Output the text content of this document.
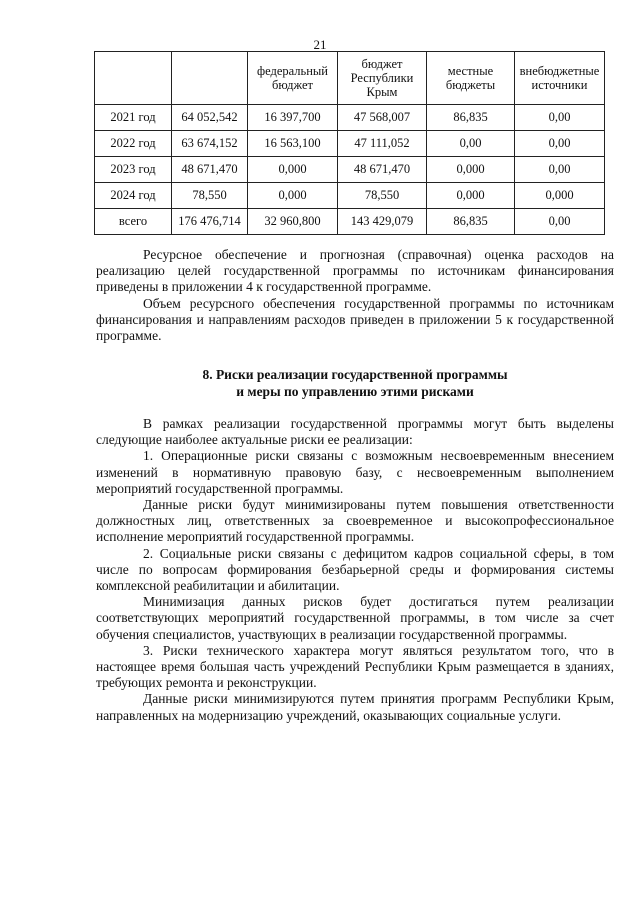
21

		федеральный бюджет	бюджет Республики Крым	местные бюджеты	внебюджетные источники

2021 год	64 052,542	16 397,700	47 568,007	86,835	0,00
2022 год	63 674,152	16 563,100	47 111,052	0,00	0,00
2023 год	48 671,470	0,000	48 671,470	0,000	0,00
2024 год	78,550	0,000	78,550	0,000	0,000
всего	176 476,714	32 960,800	143 429,079	86,835	0,00

Ресурсное обеспечение и прогнозная (справочная) оценка расходов на реализацию целей государственной программы по источникам финансирования приведены в приложении 4 к государственной программе.

Объем ресурсного обеспечения государственной программы по источникам финансирования и направлениям расходов приведен в приложении 5 к государственной программе.

8. Риски реализации государственной программы
и меры по управлению этими рисками

В рамках реализации государственной программы могут быть выделены следующие наиболее актуальные риски ее реализации:

1. Операционные риски связаны с возможным несвоевременным внесением изменений в нормативную правовую базу, с несвоевременным выполнением мероприятий государственной программы.

Данные риски будут минимизированы путем повышения ответственности должностных лиц, ответственных за своевременное и высокопрофессиональное исполнение мероприятий государственной программы.

2. Социальные риски связаны с дефицитом кадров социальной сферы, в том числе по вопросам формирования безбарьерной среды и формирования системы комплексной реабилитации и абилитации.

Минимизация данных рисков будет достигаться путем реализации соответствующих мероприятий государственной программы, в том числе за счет обучения специалистов, участвующих в реализации государственной программы.

3. Риски технического характера могут являться результатом того, что в настоящее время большая часть учреждений Республики Крым размещается в зданиях, требующих ремонта и реконструкции.

Данные риски минимизируются путем принятия программ Республики Крым, направленных на модернизацию учреждений, оказывающих социальные услуги.
